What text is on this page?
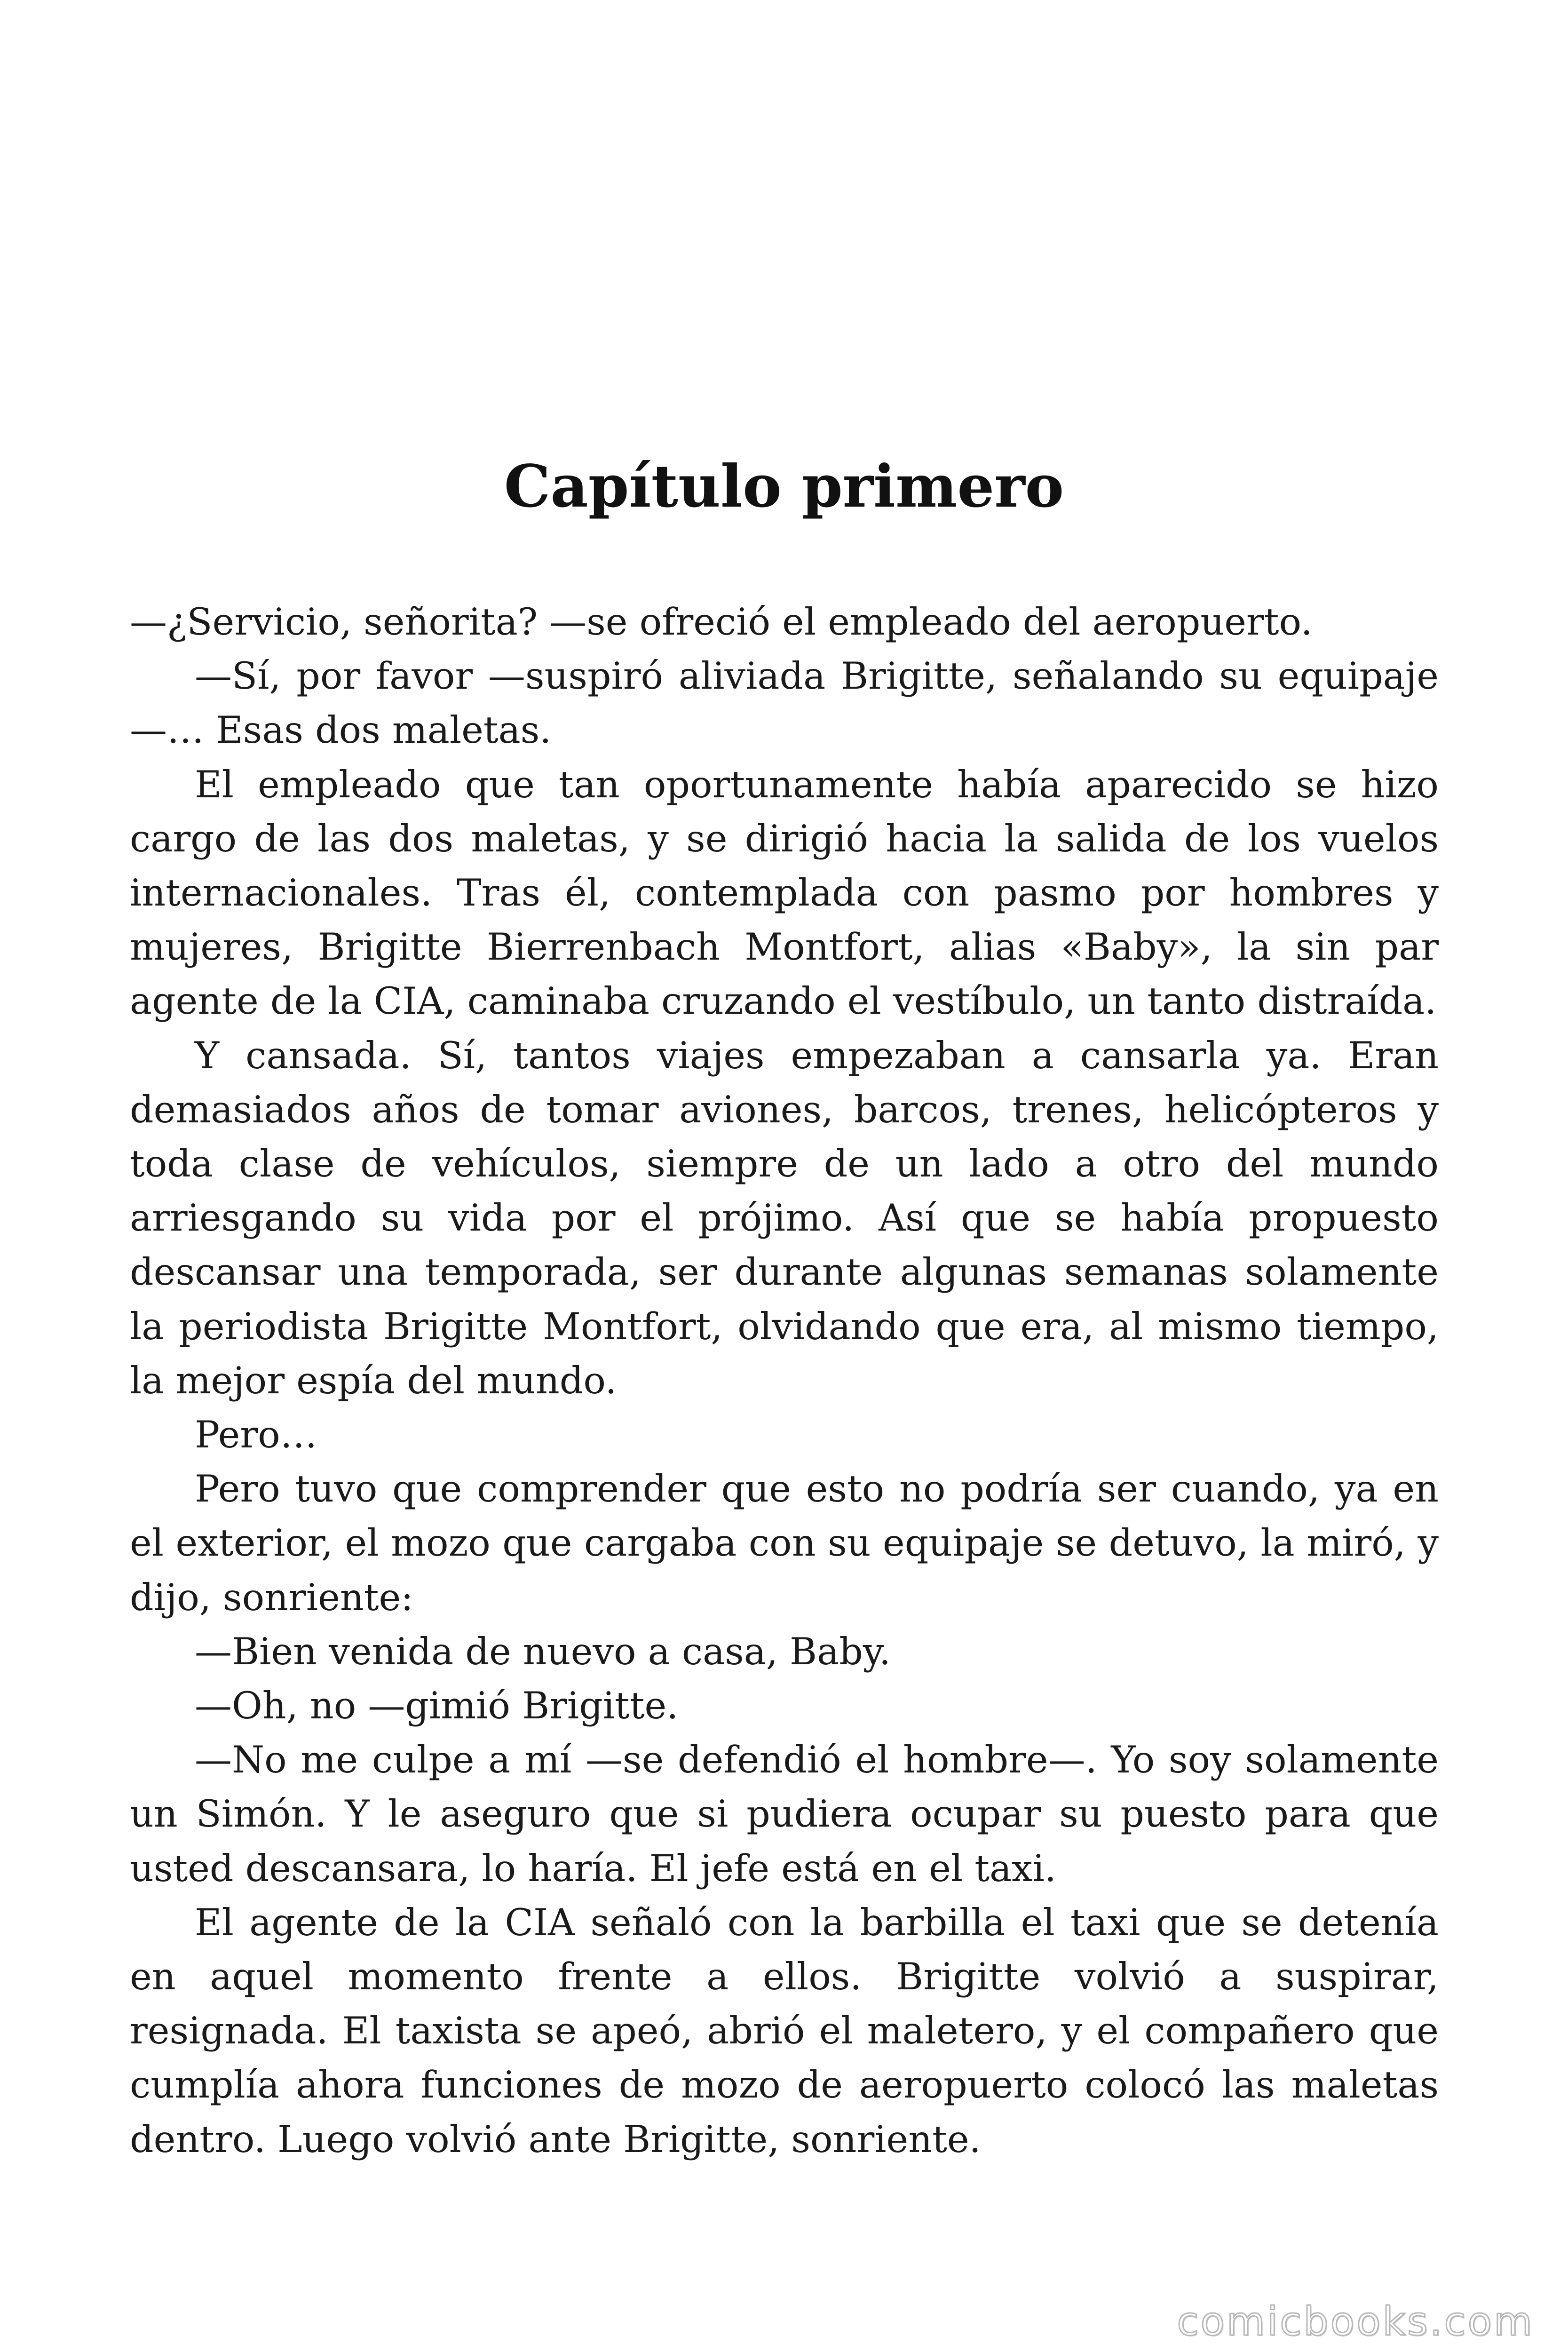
Capítulo primero

—¿Servicio, señorita? —se ofreció el empleado del aeropuerto.

—Sí, por favor —suspiró aliviada Brigitte, señalando su equipaje —… Esas dos maletas.

El empleado que tan oportunamente había aparecido se hizo cargo de las dos maletas, y se dirigió hacia la salida de los vuelos internacionales. Tras él, contemplada con pasmo por hombres y mujeres, Brigitte Bierrenbach Montfort, alias «Baby», la sin par agente de la CIA, caminaba cruzando el vestíbulo, un tanto distraída.

Y cansada. Sí, tantos viajes empezaban a cansarla ya. Eran demasiados años de tomar aviones, barcos, trenes, helicópteros y toda clase de vehículos, siempre de un lado a otro del mundo arriesgando su vida por el prójimo. Así que se había propuesto descansar una temporada, ser durante algunas semanas solamente la periodista Brigitte Montfort, olvidando que era, al mismo tiempo, la mejor espía del mundo.

Pero…

Pero tuvo que comprender que esto no podría ser cuando, ya en el exterior, el mozo que cargaba con su equipaje se detuvo, la miró, y dijo, sonriente:

—Bien venida de nuevo a casa, Baby.

—Oh, no —gimió Brigitte.

—No me culpe a mí —se defendió el hombre—. Yo soy solamente un Simón. Y le aseguro que si pudiera ocupar su puesto para que usted descansara, lo haría. El jefe está en el taxi.

El agente de la CIA señaló con la barbilla el taxi que se detenía en aquel momento frente a ellos. Brigitte volvió a suspirar, resignada. El taxista se apeó, abrió el maletero, y el compañero que cumplía ahora funciones de mozo de aeropuerto colocó las maletas dentro. Luego volvió ante Brigitte, sonriente.

comicbooks.com
